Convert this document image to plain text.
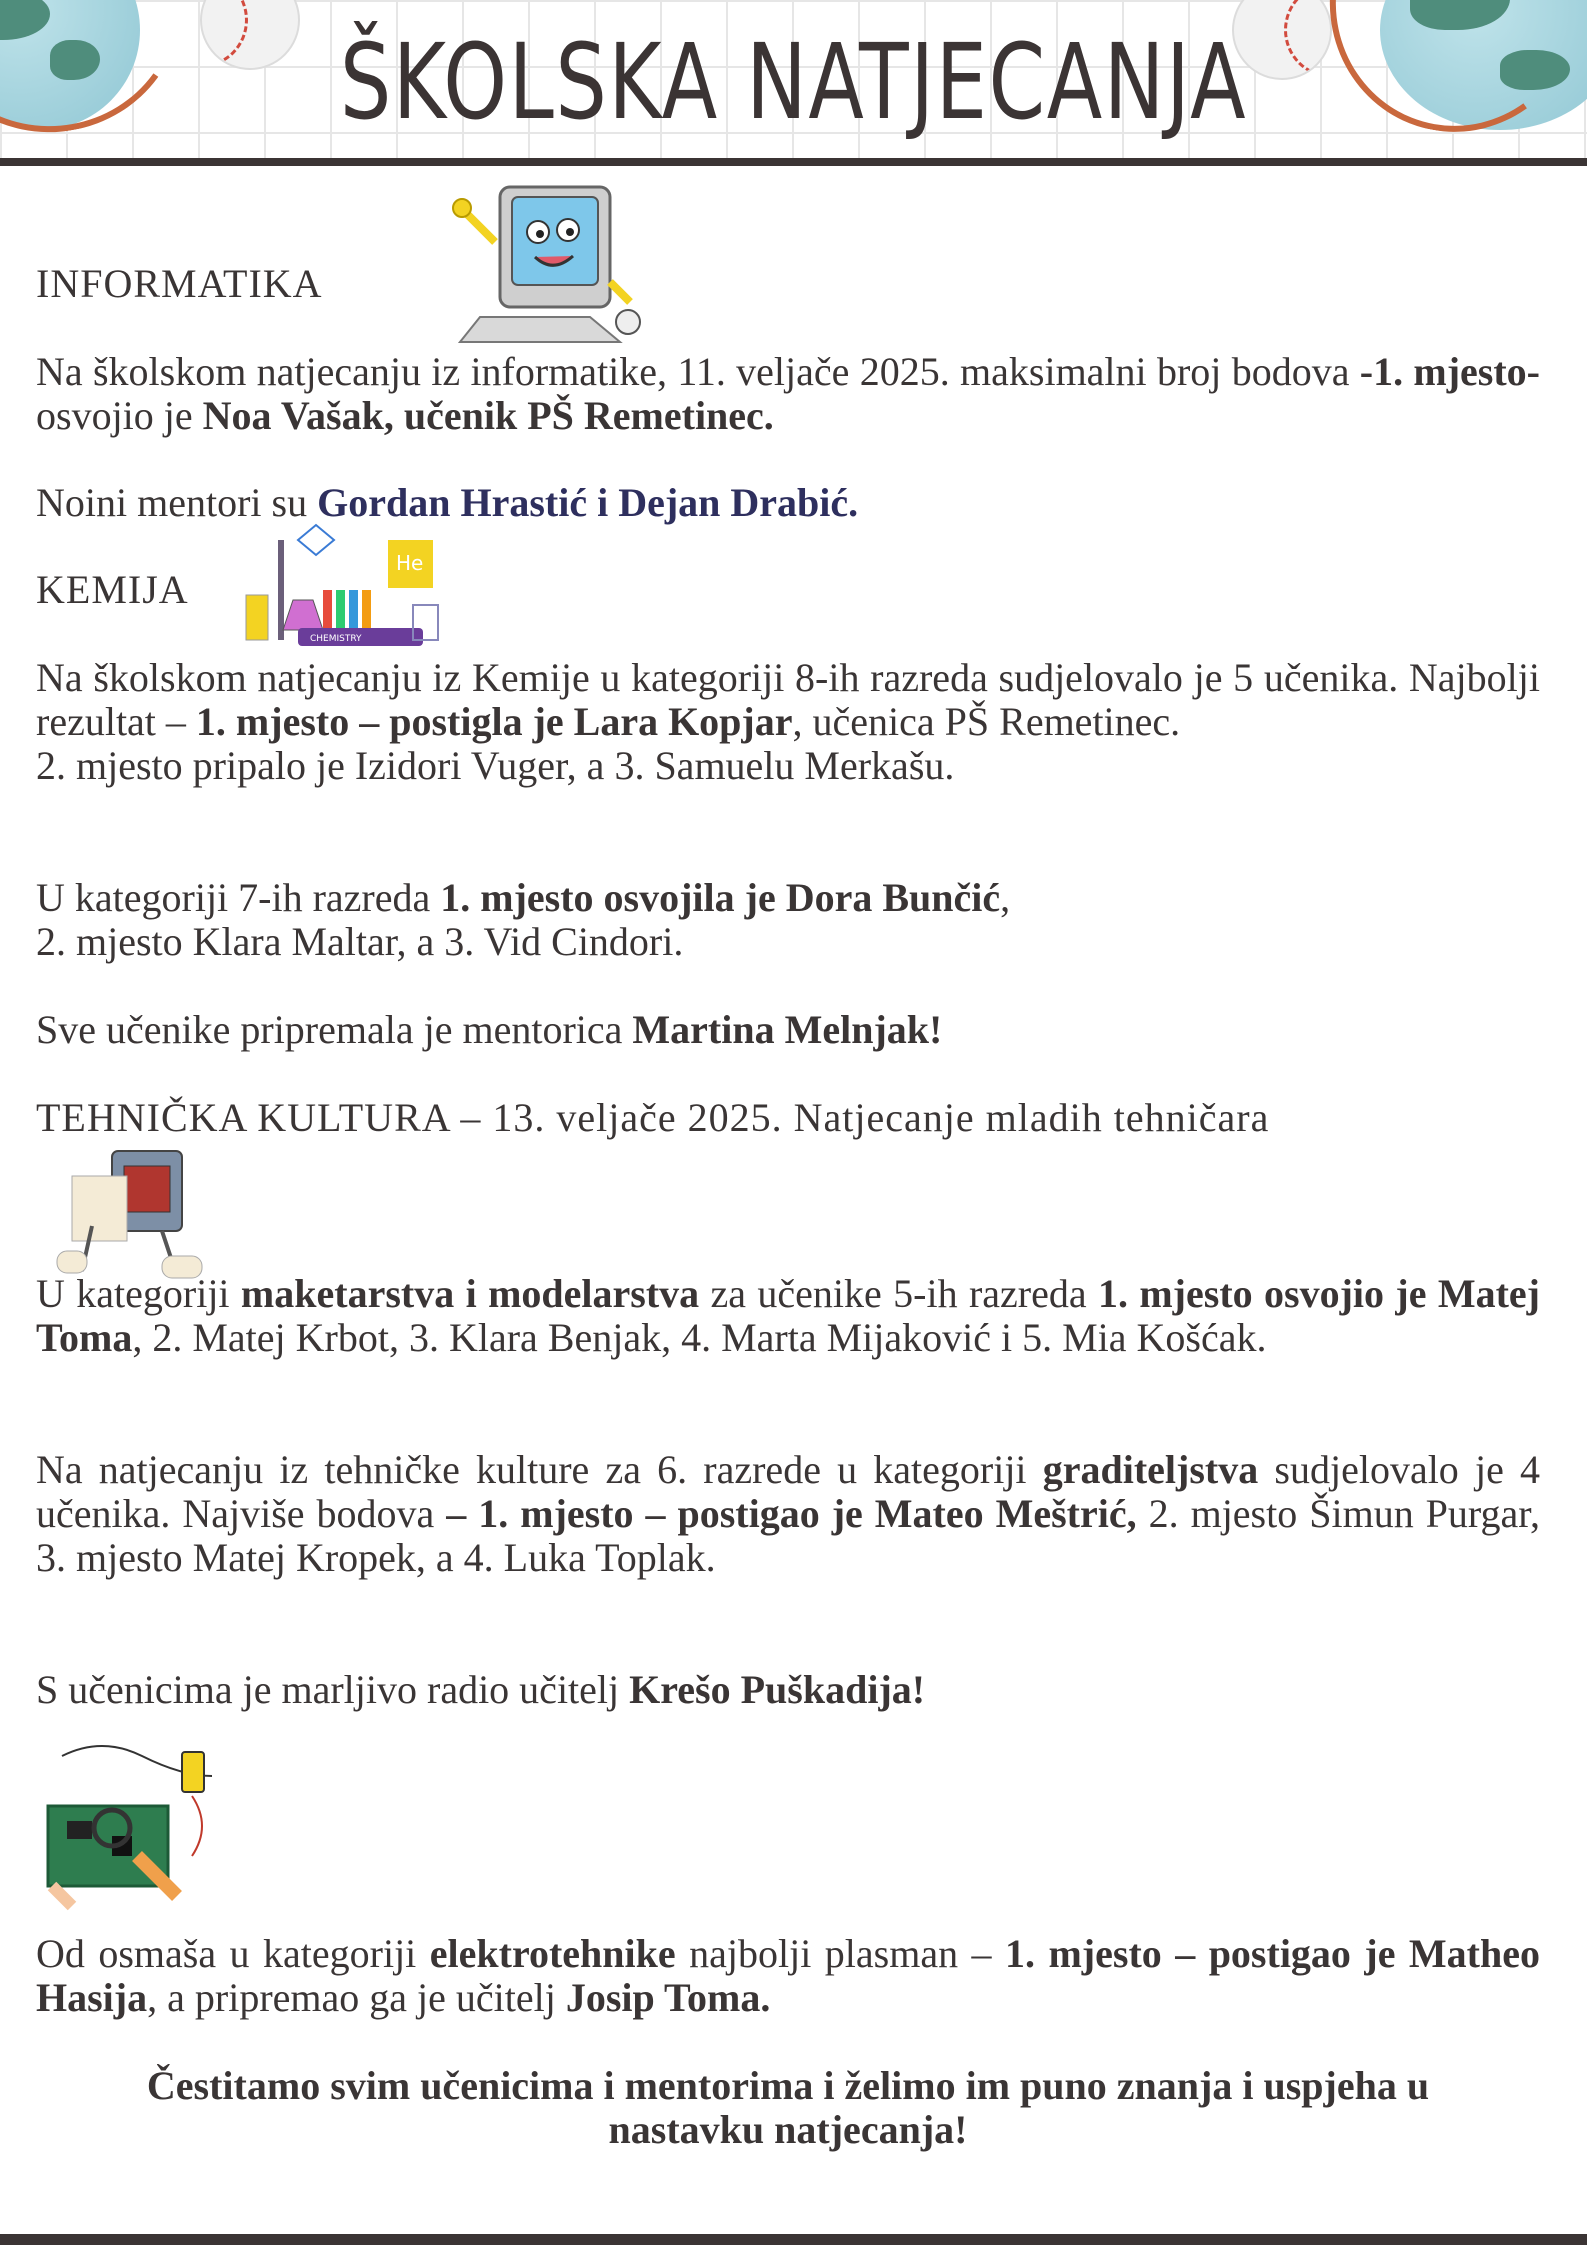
ŠKOLSKA NATJECANJA
He
CHEMISTRY
INFORMATIKA

Na školskom natjecanju iz informatike, 11. veljače 2025. maksimalni broj bodova -1. mjesto- osvojio je Noa Vašak, učenik PŠ Remetinec.

Noini mentori su Gordan Hrastić i Dejan Drabić.

KEMIJA

Na školskom natjecanju iz Kemije u kategoriji 8-ih razreda sudjelovalo je 5 učenika. Najbolji rezultat – 1. mjesto – postigla je Lara Kopjar, učenica PŠ Remetinec.
2. mjesto pripalo je Izidori Vuger, a 3. Samuelu Merkašu.

U kategoriji 7-ih razreda 1. mjesto osvojila je Dora Bunčić,
2. mjesto Klara Maltar, a 3. Vid Cindori.

Sve učenike pripremala je mentorica Martina Melnjak!

TEHNIČKA KULTURA – 13. veljače 2025. Natjecanje mladih tehničara

U kategoriji maketarstva i modelarstva za učenike 5-ih razreda 1. mjesto osvojio je Matej Toma, 2. Matej Krbot, 3. Klara Benjak, 4. Marta Mijaković i 5. Mia Košćak.

Na natjecanju iz tehničke kulture za 6. razrede u kategoriji graditeljstva sudjelovalo je 4 učenika. Najviše bodova – 1. mjesto – postigao je Mateo Meštrić, 2. mjesto Šimun Purgar, 3. mjesto Matej Kropek, a 4. Luka Toplak.

S učenicima je marljivo radio učitelj Krešo Puškadija!

Od osmaša u kategoriji elektrotehnike najbolji plasman – 1. mjesto – postigao je Matheo Hasija, a pripremao ga je učitelj Josip Toma.

Čestitamo svim učenicima i mentorima i želimo im puno znanja i uspjeha u
nastavku natjecanja!
